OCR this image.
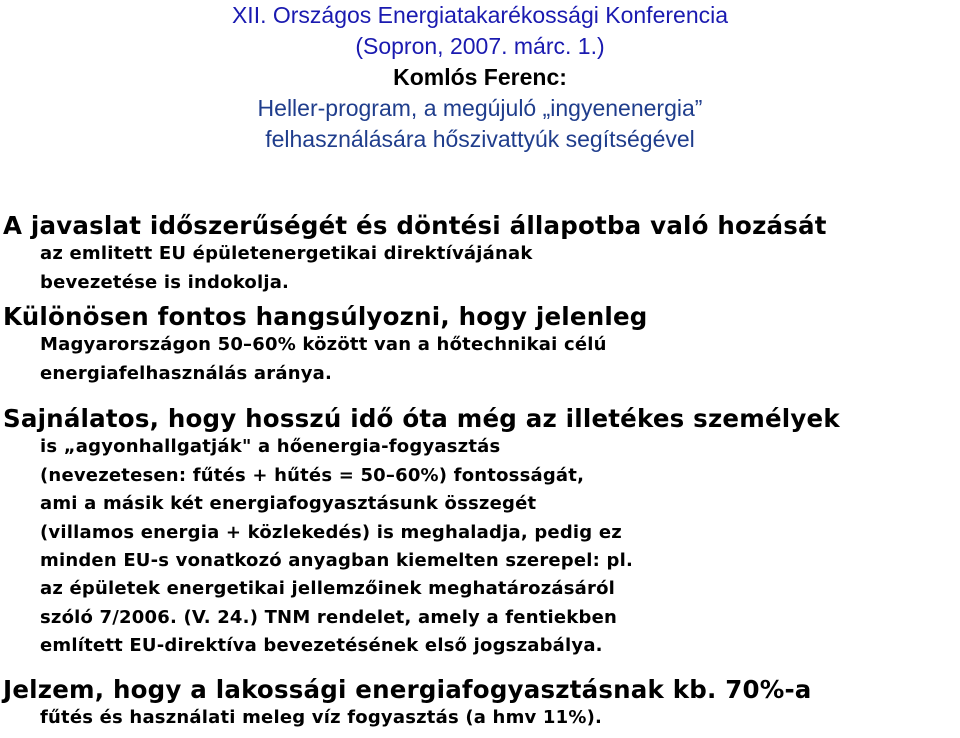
XII. Országos Energiatakarékossági Konferencia
(Sopron, 2007. márc. 1.)
Komlós Ferenc:
Heller-program, a megújuló „ingyenenergia”
felhasználására hőszivattyúk segítségével

A javaslat időszerűségét és döntési állapotba való hozását
az emlitett EU épületenergetikai direktívájának
bevezetése is indokolja.

Különösen fontos hangsúlyozni, hogy jelenleg
Magyarországon 50–60% között van a hőtechnikai célú
energiafelhasználás aránya.

Sajnálatos, hogy hosszú idő óta még az illetékes személyek
is „agyonhallgatják" a hőenergia-fogyasztás
(nevezetesen: fűtés + hűtés = 50–60%) fontosságát,
ami a másik két energiafogyasztásunk összegét
(villamos energia + közlekedés) is meghaladja, pedig ez
minden EU-s vonatkozó anyagban kiemelten szerepel: pl.
az épületek energetikai jellemzőinek meghatározásáról
szóló 7/2006. (V. 24.) TNM rendelet, amely a fentiekben
említett EU-direktíva bevezetésének első jogszabálya.

Jelzem, hogy a lakossági energiafogyasztásnak kb. 70%-a
fűtés és használati meleg víz fogyasztás (a hmv 11%).
